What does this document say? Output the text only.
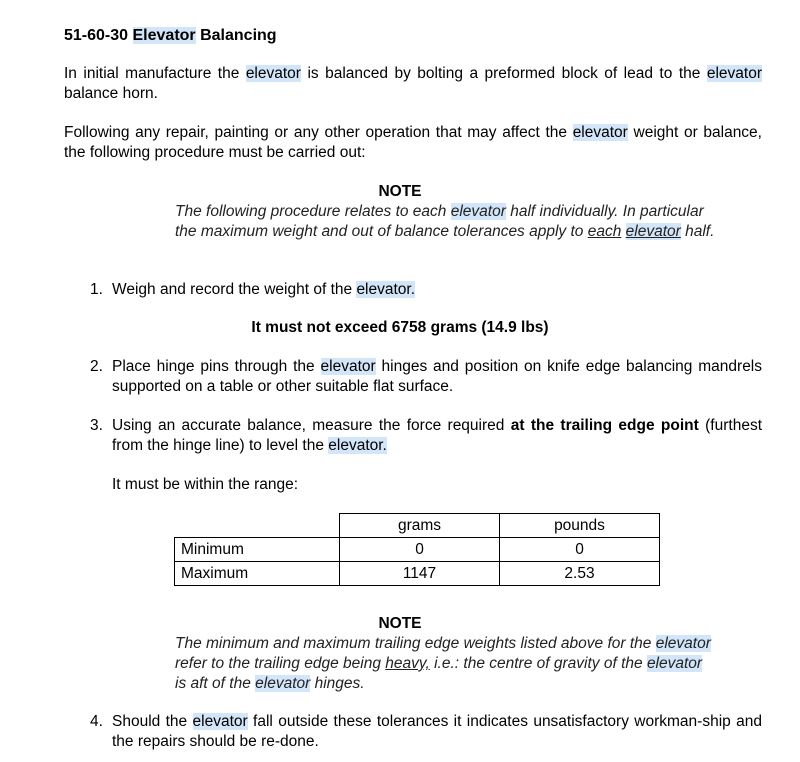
51-60-30 Elevator Balancing
In initial manufacture the elevator is balanced by bolting a preformed block of lead to the elevator balance horn.
Following any repair, painting or any other operation that may affect the elevator weight or balance, the following procedure must be carried out:
NOTE
The following procedure relates to each elevator half individually. In particular the maximum weight and out of balance tolerances apply to each elevator half.
1. Weigh and record the weight of the elevator.
It must not exceed 6758 grams (14.9 lbs)
2. Place hinge pins through the elevator hinges and position on knife edge balancing mandrels supported on a table or other suitable flat surface.
3. Using an accurate balance, measure the force required at the trailing edge point (furthest from the hinge line) to level the elevator.
It must be within the range:
	grams	pounds
Minimum	0	0
Maximum	1147	2.53
NOTE
The minimum and maximum trailing edge weights listed above for the elevator refer to the trailing edge being heavy, i.e.: the centre of gravity of the elevator is aft of the elevator hinges.
4. Should the elevator fall outside these tolerances it indicates unsatisfactory workman-ship and the repairs should be re-done.
